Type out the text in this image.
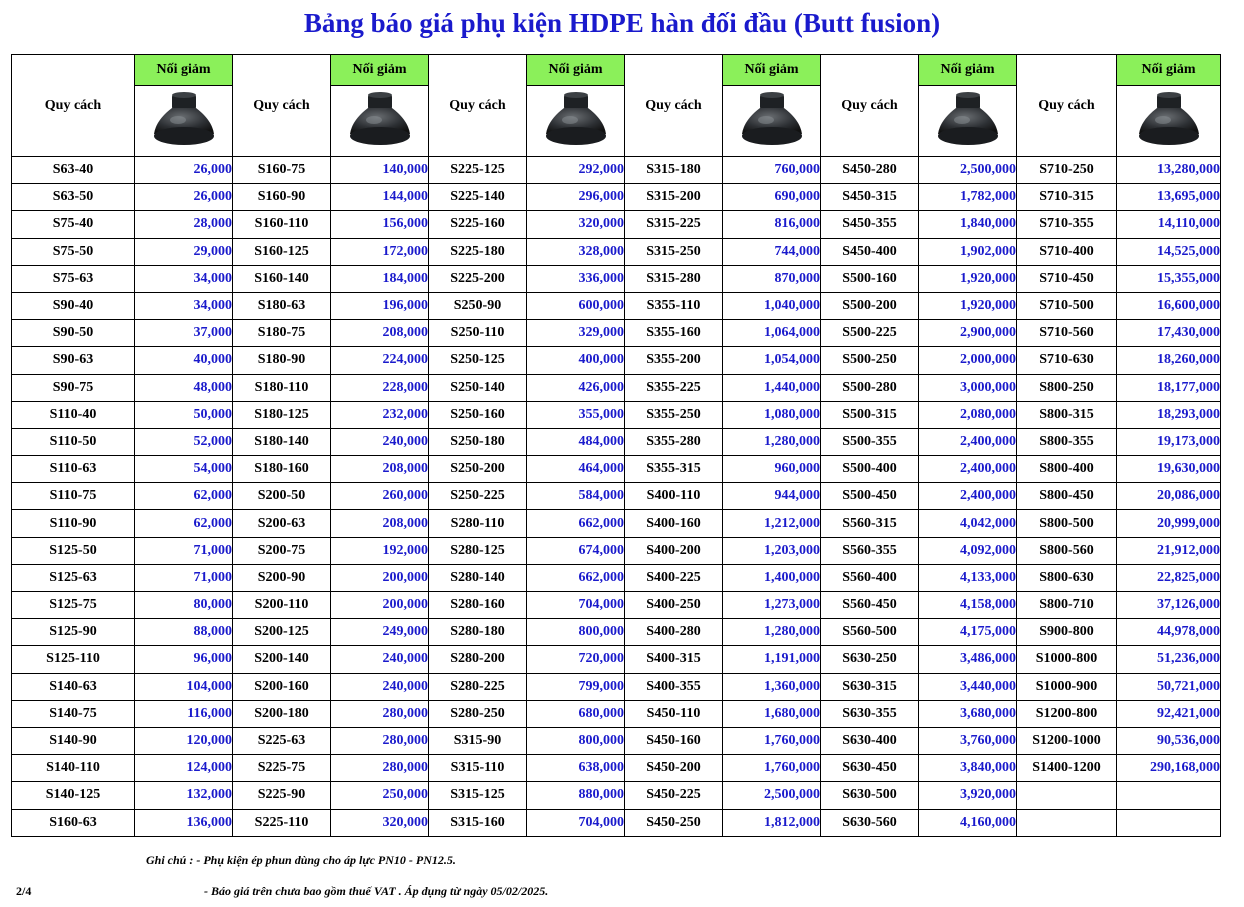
Bảng báo giá phụ kiện HDPE hàn đối đầu (Butt fusion)
Quy cách	Nối giảm	Quy cách	Nối giảm	Quy cách	Nối giảm	Quy cách	Nối giảm	Quy cách	Nối giảm	Quy cách	Nối giảm

S63-40	26,000	S160-75	140,000	S225-125	292,000	S315-180	760,000	S450-280	2,500,000	S710-250	13,280,000
S63-50	26,000	S160-90	144,000	S225-140	296,000	S315-200	690,000	S450-315	1,782,000	S710-315	13,695,000
S75-40	28,000	S160-110	156,000	S225-160	320,000	S315-225	816,000	S450-355	1,840,000	S710-355	14,110,000
S75-50	29,000	S160-125	172,000	S225-180	328,000	S315-250	744,000	S450-400	1,902,000	S710-400	14,525,000
S75-63	34,000	S160-140	184,000	S225-200	336,000	S315-280	870,000	S500-160	1,920,000	S710-450	15,355,000
S90-40	34,000	S180-63	196,000	S250-90	600,000	S355-110	1,040,000	S500-200	1,920,000	S710-500	16,600,000
S90-50	37,000	S180-75	208,000	S250-110	329,000	S355-160	1,064,000	S500-225	2,900,000	S710-560	17,430,000
S90-63	40,000	S180-90	224,000	S250-125	400,000	S355-200	1,054,000	S500-250	2,000,000	S710-630	18,260,000
S90-75	48,000	S180-110	228,000	S250-140	426,000	S355-225	1,440,000	S500-280	3,000,000	S800-250	18,177,000
S110-40	50,000	S180-125	232,000	S250-160	355,000	S355-250	1,080,000	S500-315	2,080,000	S800-315	18,293,000
S110-50	52,000	S180-140	240,000	S250-180	484,000	S355-280	1,280,000	S500-355	2,400,000	S800-355	19,173,000
S110-63	54,000	S180-160	208,000	S250-200	464,000	S355-315	960,000	S500-400	2,400,000	S800-400	19,630,000
S110-75	62,000	S200-50	260,000	S250-225	584,000	S400-110	944,000	S500-450	2,400,000	S800-450	20,086,000
S110-90	62,000	S200-63	208,000	S280-110	662,000	S400-160	1,212,000	S560-315	4,042,000	S800-500	20,999,000
S125-50	71,000	S200-75	192,000	S280-125	674,000	S400-200	1,203,000	S560-355	4,092,000	S800-560	21,912,000
S125-63	71,000	S200-90	200,000	S280-140	662,000	S400-225	1,400,000	S560-400	4,133,000	S800-630	22,825,000
S125-75	80,000	S200-110	200,000	S280-160	704,000	S400-250	1,273,000	S560-450	4,158,000	S800-710	37,126,000
S125-90	88,000	S200-125	249,000	S280-180	800,000	S400-280	1,280,000	S560-500	4,175,000	S900-800	44,978,000
S125-110	96,000	S200-140	240,000	S280-200	720,000	S400-315	1,191,000	S630-250	3,486,000	S1000-800	51,236,000
S140-63	104,000	S200-160	240,000	S280-225	799,000	S400-355	1,360,000	S630-315	3,440,000	S1000-900	50,721,000
S140-75	116,000	S200-180	280,000	S280-250	680,000	S450-110	1,680,000	S630-355	3,680,000	S1200-800	92,421,000
S140-90	120,000	S225-63	280,000	S315-90	800,000	S450-160	1,760,000	S630-400	3,760,000	S1200-1000	90,536,000
S140-110	124,000	S225-75	280,000	S315-110	638,000	S450-200	1,760,000	S630-450	3,840,000	S1400-1200	290,168,000
S140-125	132,000	S225-90	250,000	S315-125	880,000	S450-225	2,500,000	S630-500	3,920,000		
S160-63	136,000	S225-110	320,000	S315-160	704,000	S450-250	1,812,000	S630-560	4,160,000		
Ghi chú : - Phụ kiện ép phun dùng cho áp lực PN10 - PN12.5.
2/4	- Báo giá trên chưa bao gồm thuế VAT . Áp dụng từ ngày 05/02/2025.
